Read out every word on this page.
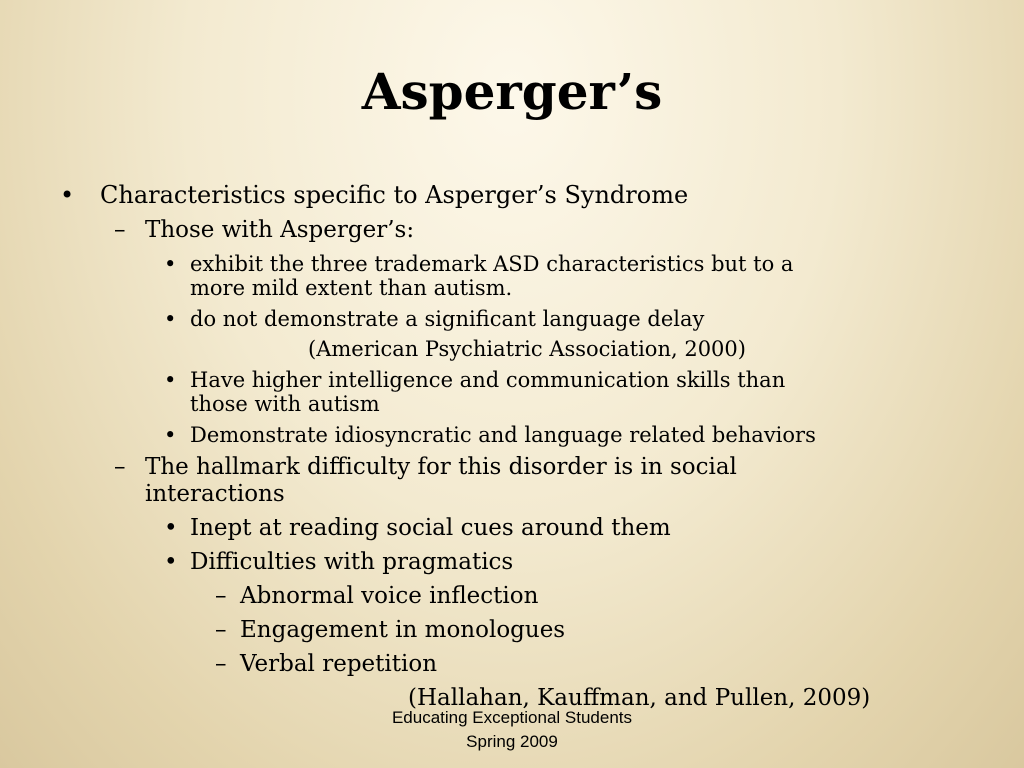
Asperger’s
• Characteristics specific to Asperger’s Syndrome
– Those with Asperger’s:
• exhibit the three trademark ASD characteristics but to a
more mild extent than autism.
• do not demonstrate a significant language delay
(American Psychiatric Association, 2000)
• Have higher intelligence and communication skills than
those with autism
• Demonstrate idiosyncratic and language related behaviors
– The hallmark difficulty for this disorder is in social
interactions
• Inept at reading social cues around them
• Difficulties with pragmatics
– Abnormal voice inflection
– Engagement in monologues
– Verbal repetition
(Hallahan, Kauffman, and Pullen, 2009)
Educating Exceptional Students
Spring 2009
